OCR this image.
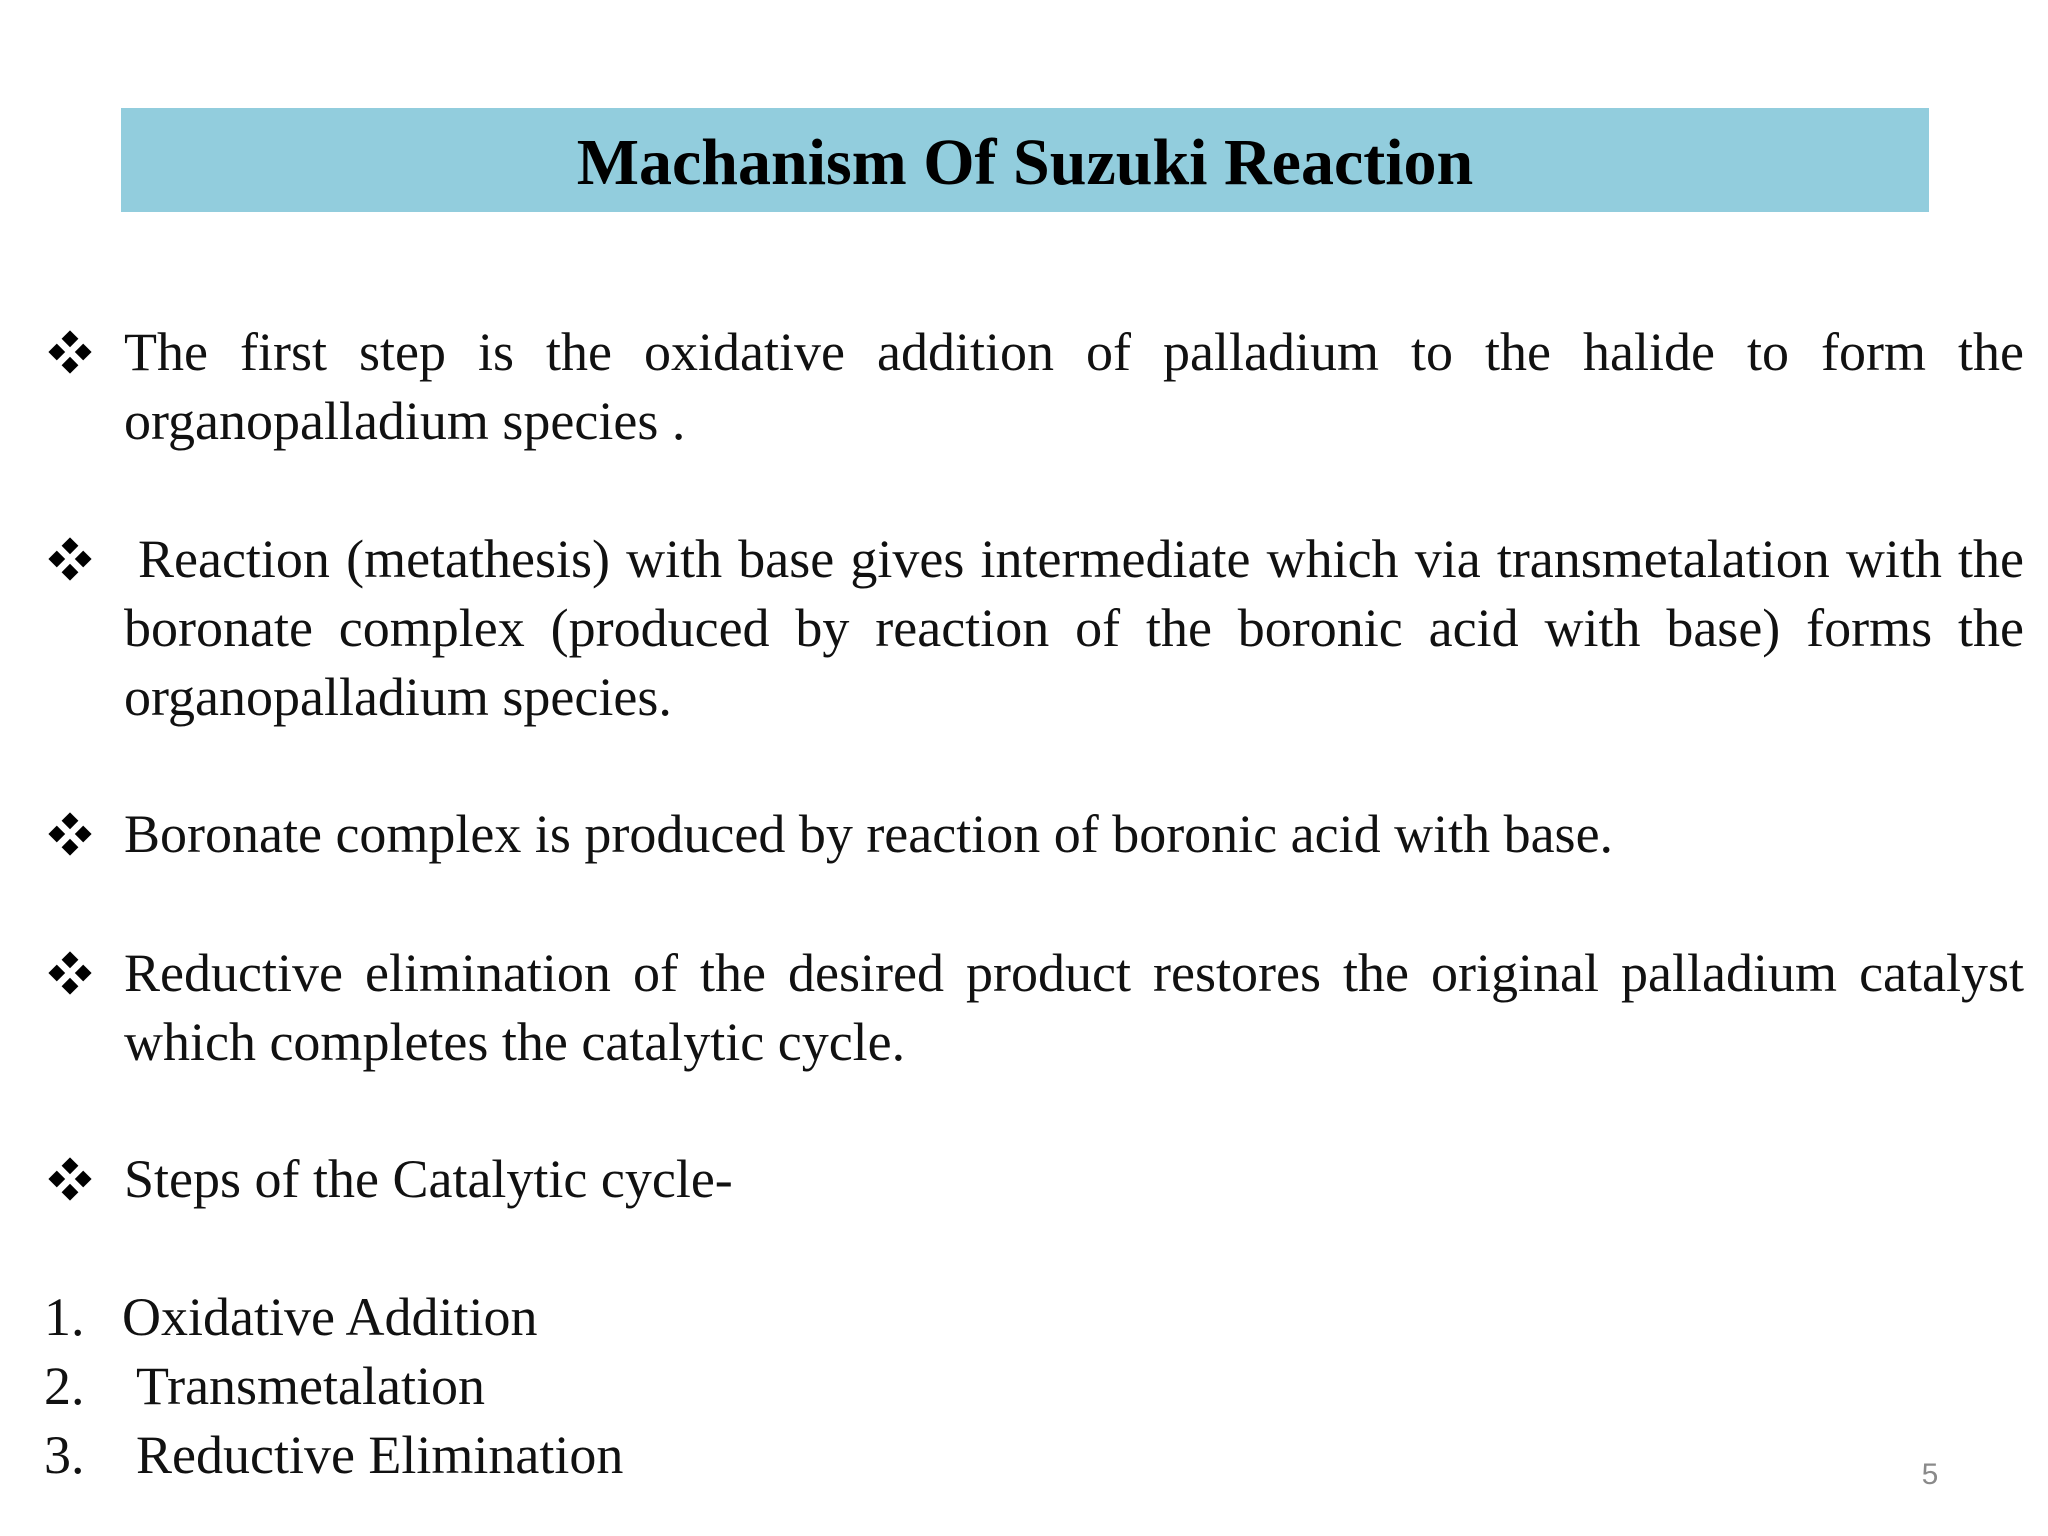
Machanism Of Suzuki Reaction
The first step is the oxidative addition of palladium to the halide to form the organopalladium species .
Reaction (metathesis) with base gives intermediate which via transmetalation with the boronate complex (produced by reaction of the boronic acid with base) forms the organopalladium species.
Boronate complex is produced by reaction of boronic acid with base.
Reductive elimination of the desired product restores the original palladium catalyst which completes the catalytic cycle.
Steps of the Catalytic cycle-
1. Oxidative Addition
2. Transmetalation
3. Reductive Elimination	5
